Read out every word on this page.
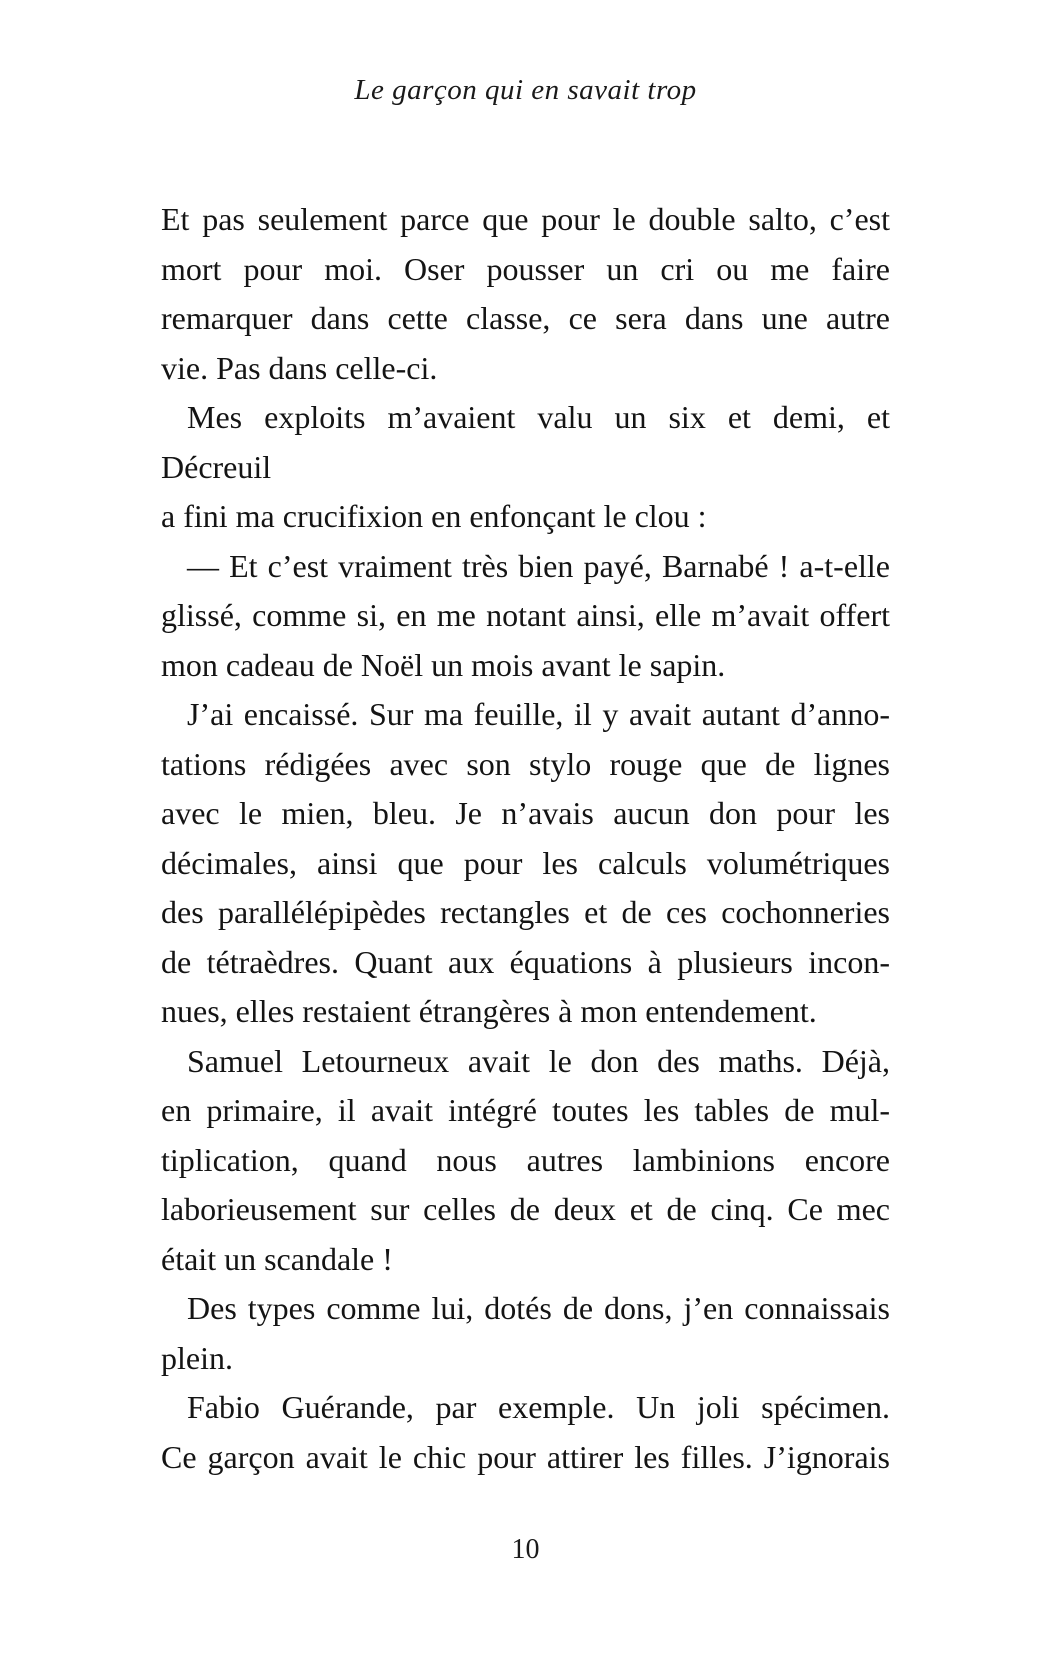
Le garçon qui en savait trop
Et pas seulement parce que pour le double salto, c’est
mort pour moi. Oser pousser un cri ou me faire
remarquer dans cette classe, ce sera dans une autre
vie. Pas dans celle-ci.
Mes exploits m’avaient valu un six et demi, et Décreuil
a fini ma crucifixion en enfonçant le clou :
— Et c’est vraiment très bien payé, Barnabé ! a-t-elle
glissé, comme si, en me notant ainsi, elle m’avait offert
mon cadeau de Noël un mois avant le sapin.
J’ai encaissé. Sur ma feuille, il y avait autant d’anno-
tations rédigées avec son stylo rouge que de lignes
avec le mien, bleu. Je n’avais aucun don pour les
décimales, ainsi que pour les calculs volumétriques
des parallélépipèdes rectangles et de ces cochonneries
de tétraèdres. Quant aux équations à plusieurs incon-
nues, elles restaient étrangères à mon entendement.
Samuel Letourneux avait le don des maths. Déjà,
en primaire, il avait intégré toutes les tables de mul-
tiplication, quand nous autres lambinions encore
laborieusement sur celles de deux et de cinq. Ce mec
était un scandale !
Des types comme lui, dotés de dons, j’en connaissais
plein.
Fabio Guérande, par exemple. Un joli spécimen.
Ce garçon avait le chic pour attirer les filles. J’ignorais
10
